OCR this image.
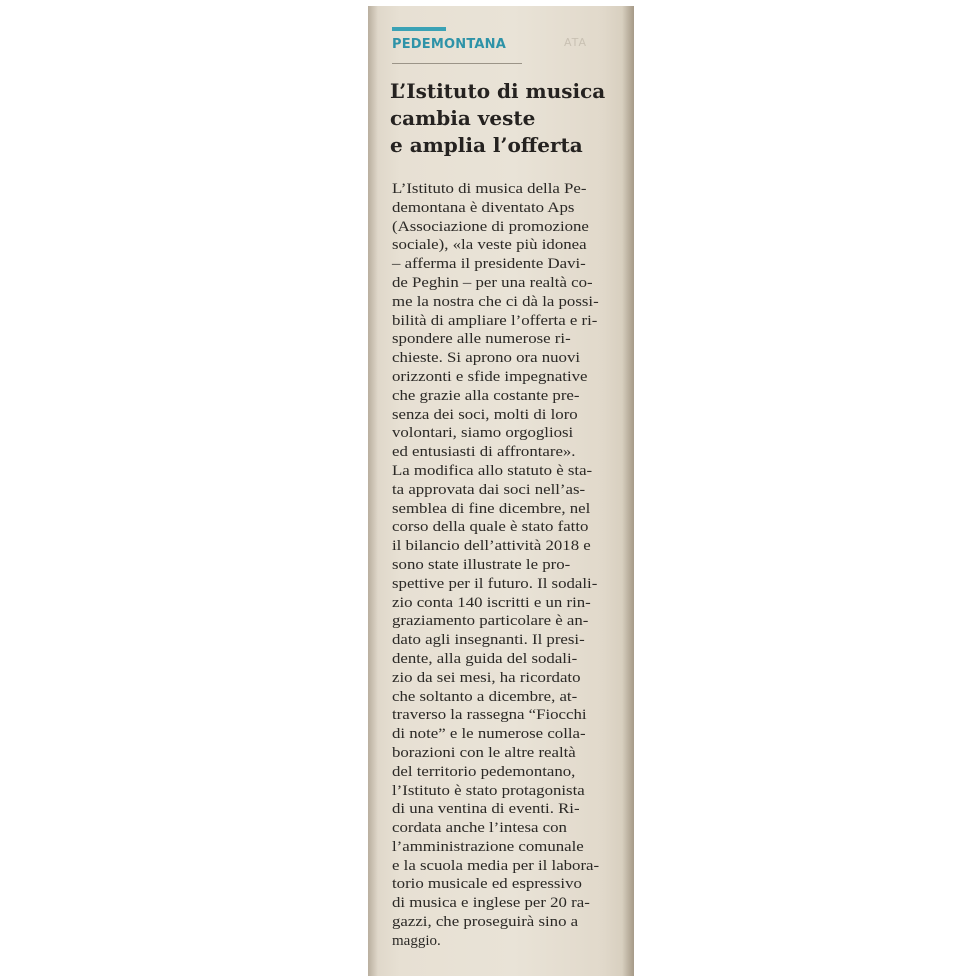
ATA
PEDEMONTANA
L’Istituto di musica
cambia veste
e amplia l’offerta
L’Istituto di musica della Pe-
demontana è diventato Aps
(Associazione di promozione
sociale), «la veste più idonea
– afferma il presidente Davi-
de Peghin – per una realtà co-
me la nostra che ci dà la possi-
bilità di ampliare l’offerta e ri-
spondere alle numerose ri-
chieste. Si aprono ora nuovi
orizzonti e sfide impegnative
che grazie alla costante pre-
senza dei soci, molti di loro
volontari, siamo orgogliosi
ed entusiasti di affrontare».
La modifica allo statuto è sta-
ta approvata dai soci nell’as-
semblea di fine dicembre, nel
corso della quale è stato fatto
il bilancio dell’attività 2018 e
sono state illustrate le pro-
spettive per il futuro. Il sodali-
zio conta 140 iscritti e un rin-
graziamento particolare è an-
dato agli insegnanti. Il presi-
dente, alla guida del sodali-
zio da sei mesi, ha ricordato
che soltanto a dicembre, at-
traverso la rassegna “Fiocchi
di note” e le numerose colla-
borazioni con le altre realtà
del territorio pedemontano,
l’Istituto è stato protagonista
di una ventina di eventi. Ri-
cordata anche l’intesa con
l’amministrazione comunale
e la scuola media per il labora-
torio musicale ed espressivo
di musica e inglese per 20 ra-
gazzi, che proseguirà sino a
maggio.
